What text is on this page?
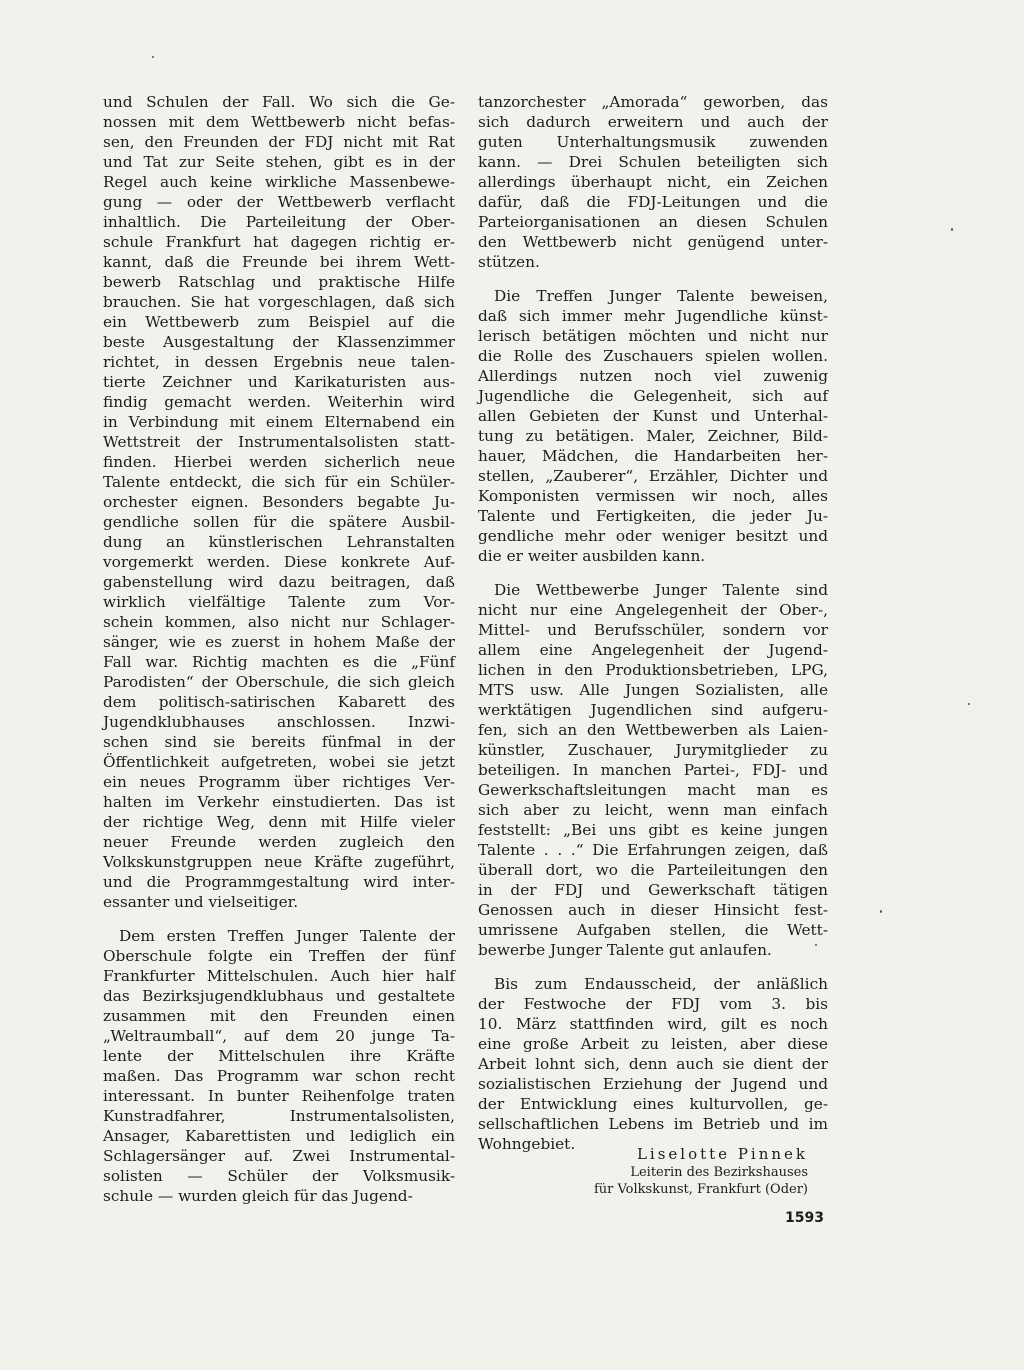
und Schulen der Fall. Wo sich die Ge-
nossen mit dem Wettbewerb nicht befas-
sen, den Freunden der FDJ nicht mit Rat
und Tat zur Seite stehen, gibt es in der
Regel auch keine wirkliche Massenbewe-
gung — oder der Wettbewerb verflacht
inhaltlich. Die Parteileitung der Ober-
schule Frankfurt hat dagegen richtig er-
kannt, daß die Freunde bei ihrem Wett-
bewerb Ratschlag und praktische Hilfe
brauchen. Sie hat vorgeschlagen, daß sich
ein Wettbewerb zum Beispiel auf die
beste Ausgestaltung der Klassenzimmer
richtet, in dessen Ergebnis neue talen-
tierte Zeichner und Karikaturisten aus-
findig gemacht werden. Weiterhin wird
in Verbindung mit einem Elternabend ein
Wettstreit der Instrumentalsolisten statt-
finden. Hierbei werden sicherlich neue
Talente entdeckt, die sich für ein Schüler-
orchester eignen. Besonders begabte Ju-
gendliche sollen für die spätere Ausbil-
dung an künstlerischen Lehranstalten
vorgemerkt werden. Diese konkrete Auf-
gabenstellung wird dazu beitragen, daß
wirklich vielfältige Talente zum Vor-
schein kommen, also nicht nur Schlager-
sänger, wie es zuerst in hohem Maße der
Fall war. Richtig machten es die „Fünf
Parodisten“ der Oberschule, die sich gleich
dem politisch-satirischen Kabarett des
Jugendklubhauses anschlossen. Inzwi-
schen sind sie bereits fünfmal in der
Öffentlichkeit aufgetreten, wobei sie jetzt
ein neues Programm über richtiges Ver-
halten im Verkehr einstudierten. Das ist
der richtige Weg, denn mit Hilfe vieler
neuer Freunde werden zugleich den
Volkskunstgruppen neue Kräfte zugeführt,
und die Programmgestaltung wird inter-
essanter und vielseitiger.

Dem ersten Treffen Junger Talente der
Oberschule folgte ein Treffen der fünf
Frankfurter Mittelschulen. Auch hier half
das Bezirksjugendklubhaus und gestaltete
zusammen mit den Freunden einen
„Weltraumball“, auf dem 20 junge Ta-
lente der Mittelschulen ihre Kräfte
maßen. Das Programm war schon recht
interessant. In bunter Reihenfolge traten
Kunstradfahrer, Instrumentalsolisten,
Ansager, Kabarettisten und lediglich ein
Schlagersänger auf. Zwei Instrumental-
solisten — Schüler der Volksmusik-
schule — wurden gleich für das Jugend-

tanzorchester „Amorada“ geworben, das
sich dadurch erweitern und auch der
guten Unterhaltungsmusik zuwenden
kann. — Drei Schulen beteiligten sich
allerdings überhaupt nicht, ein Zeichen
dafür, daß die FDJ-Leitungen und die
Parteiorganisationen an diesen Schulen
den Wettbewerb nicht genügend unter-
stützen.

Die Treffen Junger Talente beweisen,
daß sich immer mehr Jugendliche künst-
lerisch betätigen möchten und nicht nur
die Rolle des Zuschauers spielen wollen.
Allerdings nutzen noch viel zuwenig
Jugendliche die Gelegenheit, sich auf
allen Gebieten der Kunst und Unterhal-
tung zu betätigen. Maler, Zeichner, Bild-
hauer, Mädchen, die Handarbeiten her-
stellen, „Zauberer“, Erzähler, Dichter und
Komponisten vermissen wir noch, alles
Talente und Fertigkeiten, die jeder Ju-
gendliche mehr oder weniger besitzt und
die er weiter ausbilden kann.

Die Wettbewerbe Junger Talente sind
nicht nur eine Angelegenheit der Ober-,
Mittel- und Berufsschüler, sondern vor
allem eine Angelegenheit der Jugend-
lichen in den Produktionsbetrieben, LPG,
MTS usw. Alle Jungen Sozialisten, alle
werktätigen Jugendlichen sind aufgeru-
fen, sich an den Wettbewerben als Laien-
künstler, Zuschauer, Jurymitglieder zu
beteiligen. In manchen Partei-, FDJ- und
Gewerkschaftsleitungen macht man es
sich aber zu leicht, wenn man einfach
feststellt: „Bei uns gibt es keine jungen
Talente . . .“ Die Erfahrungen zeigen, daß
überall dort, wo die Parteileitungen den
in der FDJ und Gewerkschaft tätigen
Genossen auch in dieser Hinsicht fest-
umrissene Aufgaben stellen, die Wett-
bewerbe Junger Talente gut anlaufen.

Bis zum Endausscheid, der anläßlich
der Festwoche der FDJ vom 3. bis
10. März stattfinden wird, gilt es noch
eine große Arbeit zu leisten, aber diese
Arbeit lohnt sich, denn auch sie dient der
sozialistischen Erziehung der Jugend und
der Entwicklung eines kulturvollen, ge-
sellschaftlichen Lebens im Betrieb und im
Wohngebiet.

Liselotte Pinnek
Leiterin des Bezirkshauses
für Volkskunst, Frankfurt (Oder)
1593
